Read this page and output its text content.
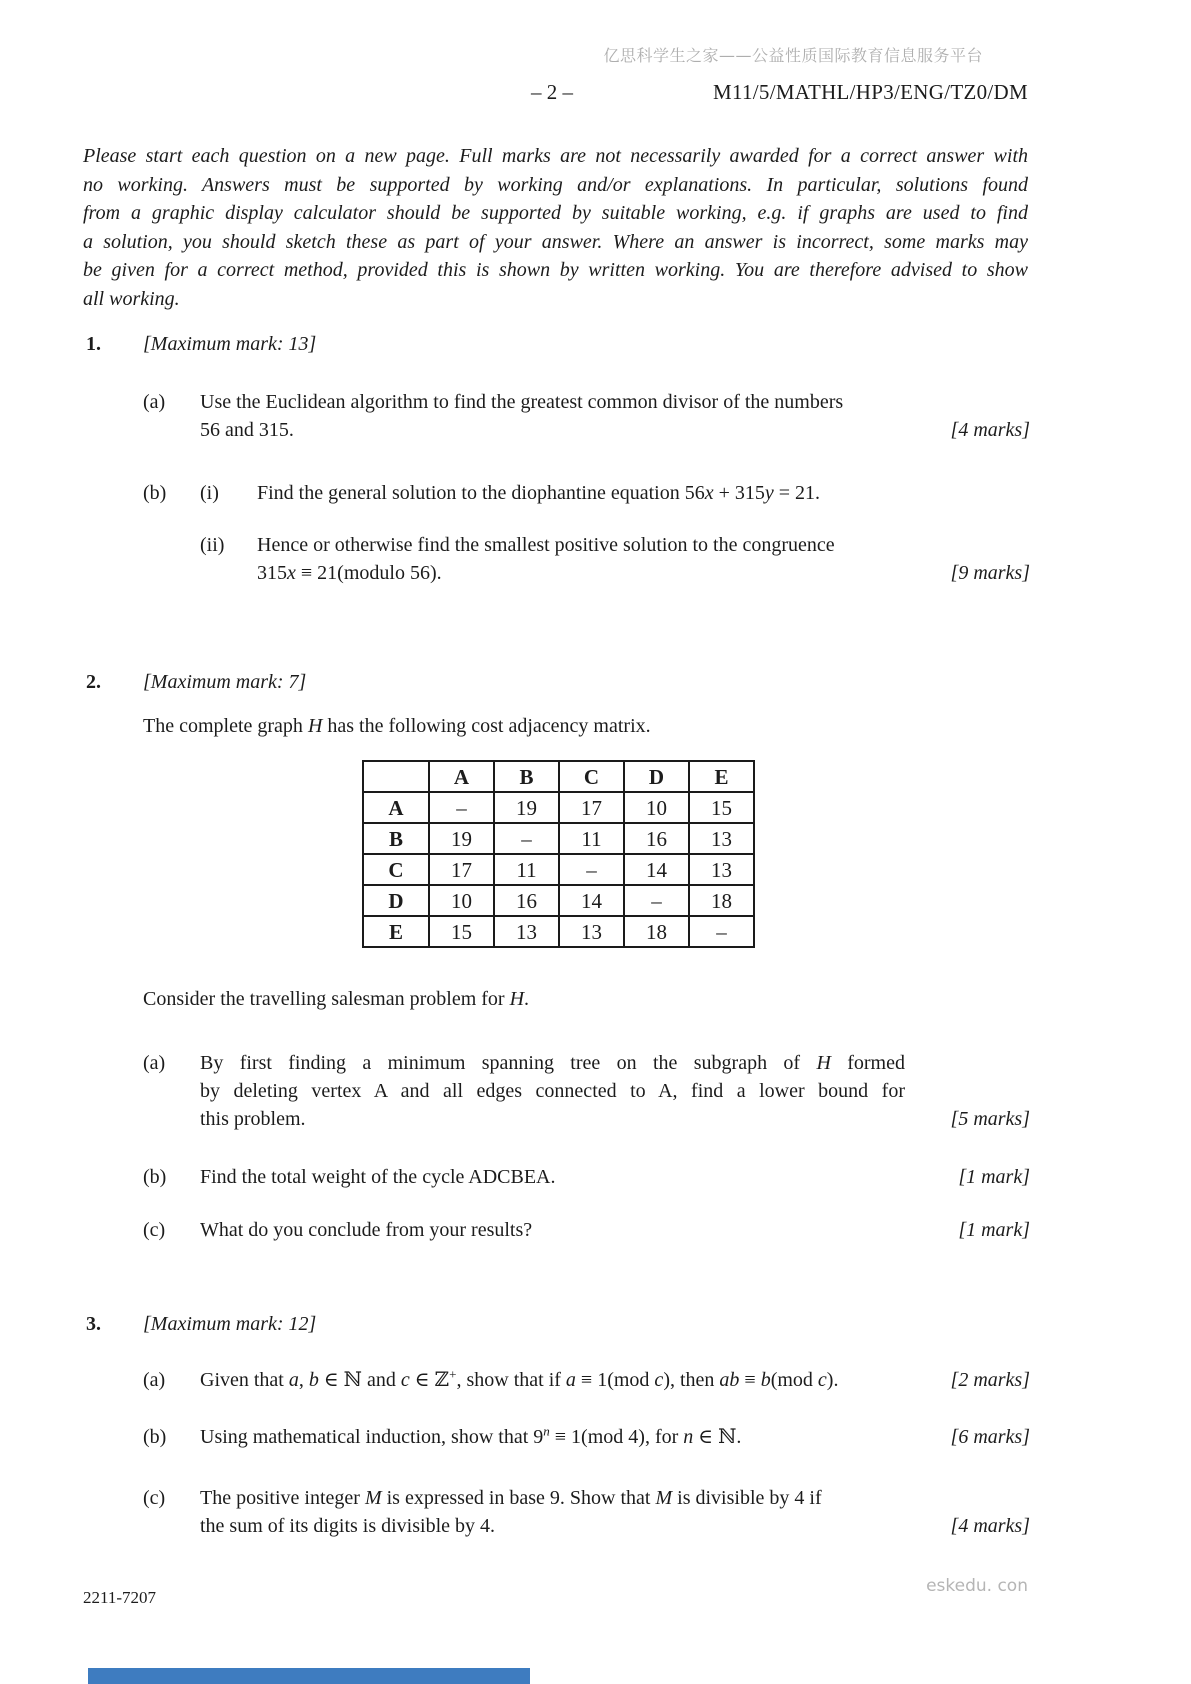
亿思科学生之家——公益性质国际教育信息服务平台
– 2 –	M11/5/MATHL/HP3/ENG/TZ0/DM
Please start each question on a new page. Full marks are not necessarily awarded for a correct answer with
no working. Answers must be supported by working and/or explanations. In particular, solutions found
from a graphic display calculator should be supported by suitable working, e.g. if graphs are used to find
a solution, you should sketch these as part of your answer. Where an answer is incorrect, some marks may
be given for a correct method, provided this is shown by written working. You are therefore advised to show
all working.
1. [Maximum mark: 13]
(a) Use the Euclidean algorithm to find the greatest common divisor of the numbers
56 and 315.	[4 marks]
(b) (i) Find the general solution to the diophantine equation 56x + 315y = 21.
(ii) Hence or otherwise find the smallest positive solution to the congruence
315x ≡ 21(modulo 56).	[9 marks]
2. [Maximum mark: 7]
The complete graph H has the following cost adjacency matrix.
	A	B	C	D	E
A	–	19	17	10	15
B	19	–	11	16	13
C	17	11	–	14	13
D	10	16	14	–	18
E	15	13	13	18	–
Consider the travelling salesman problem for H.
(a) By first finding a minimum spanning tree on the subgraph of H formed
by deleting vertex A and all edges connected to A, find a lower bound for
this problem.	[5 marks]
(b) Find the total weight of the cycle ADCBEA.	[1 mark]
(c) What do you conclude from your results?	[1 mark]
3. [Maximum mark: 12]
(a) Given that a, b ∈ ℕ and c ∈ ℤ+, show that if a ≡ 1(mod c), then ab ≡ b(mod c).	[2 marks]
(b) Using mathematical induction, show that $9^n \equiv 1(mod$ 4), for n ∈ ℕ.	[6 marks]
(c) The positive integer M is expressed in base 9. Show that M is divisible by 4 if
the sum of its digits is divisible by 4.	[4 marks]
2211-7207
eskedu. con
